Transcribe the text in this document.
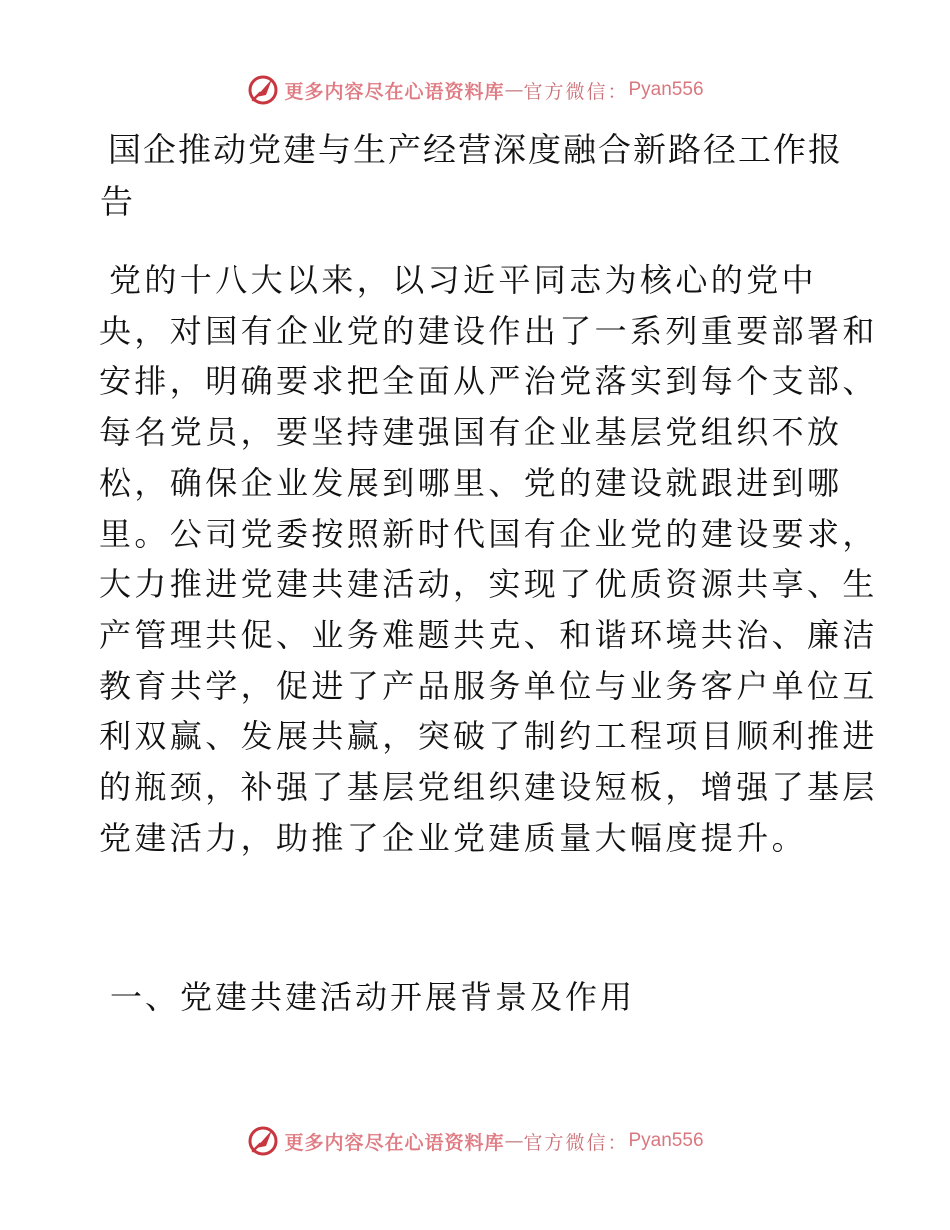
更多内容尽在心语资料库 — 官方微信： Pyan556
国企推动党建与生产经营深度融合新路径工作报告
党的十八大以来，以习近平同志为核心的党中
央，对国有企业党的建设作出了一系列重要部署和
安排，明确要求把全面从严治党落实到每个支部、
每名党员，要坚持建强国有企业基层党组织不放
松，确保企业发展到哪里、党的建设就跟进到哪
里。公司党委按照新时代国有企业党的建设要求，
大力推进党建共建活动，实现了优质资源共享、生
产管理共促、业务难题共克、和谐环境共治、廉洁
教育共学，促进了产品服务单位与业务客户单位互
利双赢、发展共赢，突破了制约工程项目顺利推进
的瓶颈，补强了基层党组织建设短板，增强了基层
党建活力，助推了企业党建质量大幅度提升。
一、党建共建活动开展背景及作用
更多内容尽在心语资料库 — 官方微信： Pyan556
